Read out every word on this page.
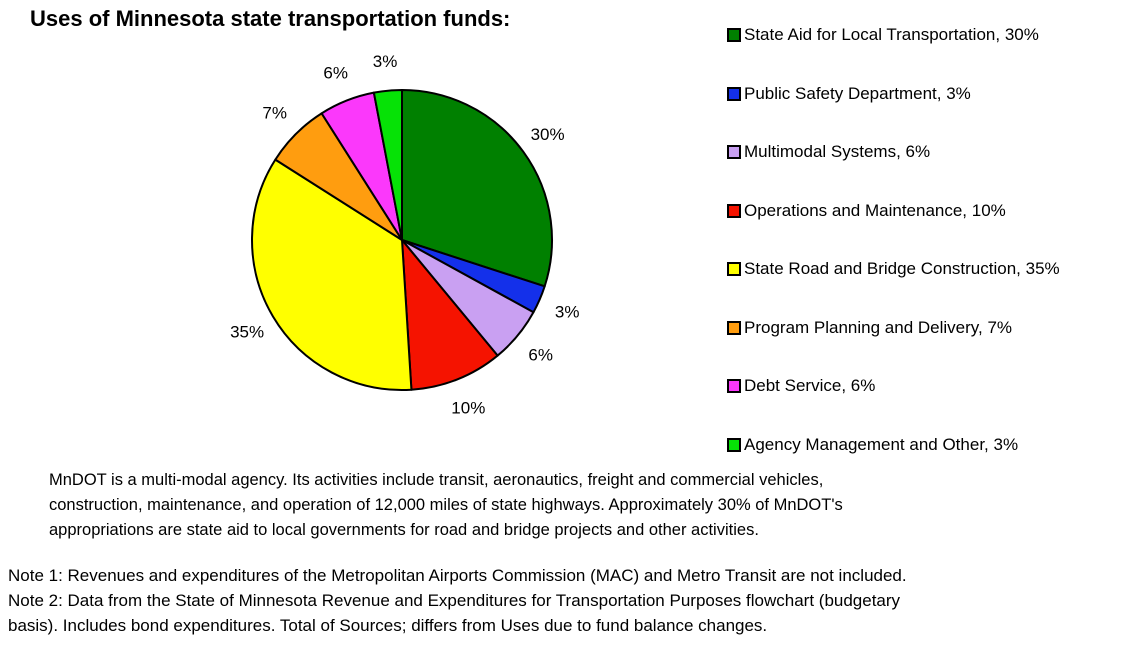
Uses of Minnesota state transportation funds:
30%
3%
6%
10%
35%
7%
6%
3%
State Aid for Local Transportation, 30%
Public Safety Department, 3%
Multimodal Systems, 6%
Operations and Maintenance, 10%
State Road and Bridge Construction, 35%
Program Planning and Delivery, 7%
Debt Service, 6%
Agency Management and Other, 3%
MnDOT is a multi-modal agency. Its activities include transit, aeronautics, freight and commercial vehicles,
construction, maintenance, and operation of 12,000 miles of state highways. Approximately 30% of MnDOT's
appropriations are state aid to local governments for road and bridge projects and other activities.
Note 1: Revenues and expenditures of the Metropolitan Airports Commission (MAC) and Metro Transit are not included.
Note 2: Data from the State of Minnesota Revenue and Expenditures for Transportation Purposes flowchart (budgetary
basis). Includes bond expenditures. Total of Sources; differs from Uses due to fund balance changes.
